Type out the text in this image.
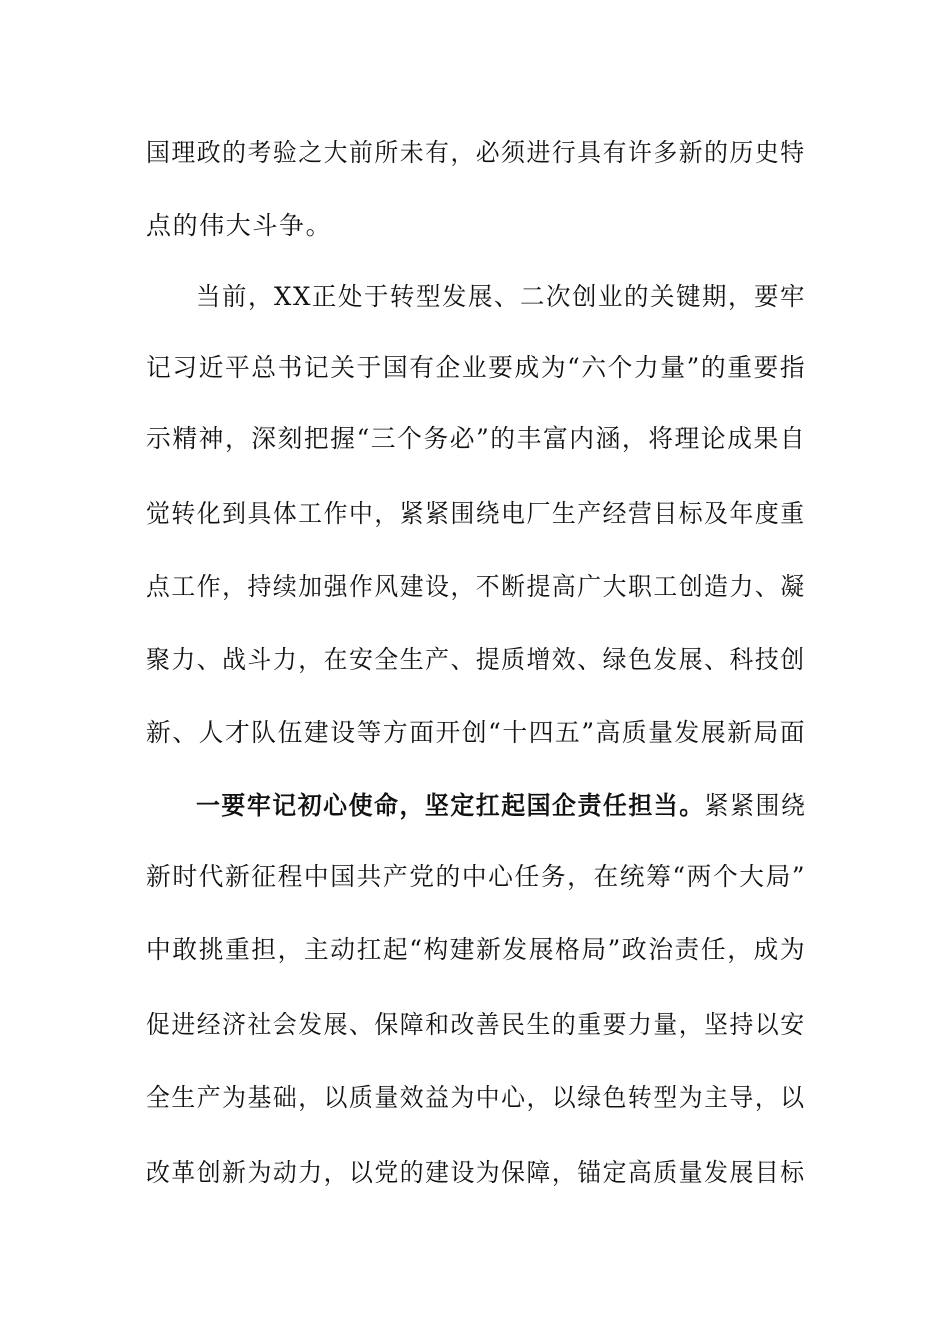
国理政的考验之大前所未有，必须进行具有许多新的历史特
点的伟大斗争。
当前，XX正处于转型发展、二次创业的关键期，要牢
记习近平总书记关于国有企业要成为“六个力量”的重要指
示精神，深刻把握“三个务必”的丰富内涵，将理论成果自
觉转化到具体工作中，紧紧围绕电厂生产经营目标及年度重
点工作，持续加强作风建设，不断提高广大职工创造力、凝
聚力、战斗力，在安全生产、提质增效、绿色发展、科技创
新、人才队伍建设等方面开创“十四五”高质量发展新局面
一要牢记初心使命，坚定扛起国企责任担当。紧紧围绕
新时代新征程中国共产党的中心任务，在统筹“两个大局”
中敢挑重担，主动扛起“构建新发展格局”政治责任，成为
促进经济社会发展、保障和改善民生的重要力量，坚持以安
全生产为基础，以质量效益为中心，以绿色转型为主导，以
改革创新为动力，以党的建设为保障，锚定高质量发展目标
